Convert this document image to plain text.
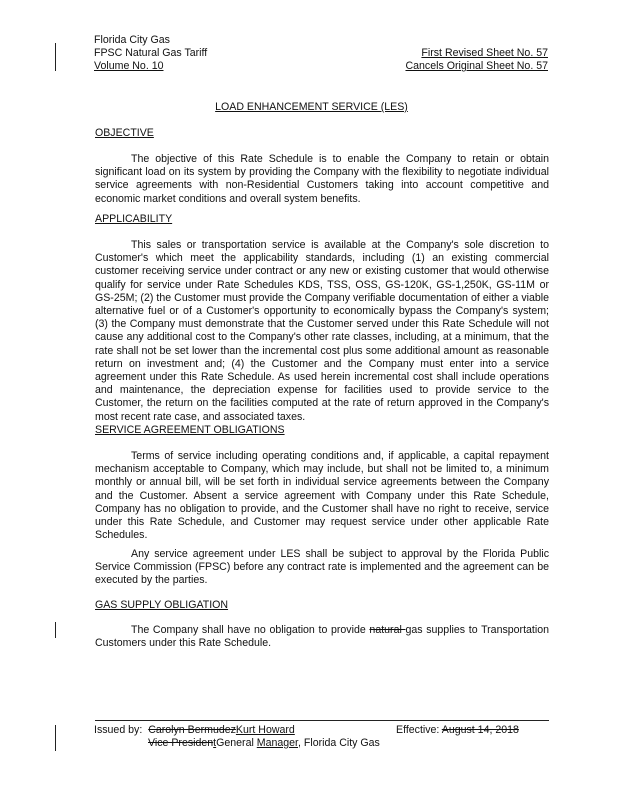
Florida City Gas
FPSC Natural Gas Tariff
Volume No. 10
First Revised Sheet No. 57
Cancels Original Sheet No. 57
LOAD ENHANCEMENT SERVICE (LES)
OBJECTIVE

The objective of this Rate Schedule is to enable the Company to retain or obtain significant load on its system by providing the Company with the flexibility to negotiate individual service agreements with non-Residential Customers taking into account competitive and economic market conditions and overall system benefits.

APPLICABILITY

This sales or transportation service is available at the Company's sole discretion to Customer's which meet the applicability standards, including (1) an existing commercial customer receiving service under contract or any new or existing customer that would otherwise qualify for service under Rate Schedules KDS, TSS, OSS, GS-120K, GS-1,250K, GS-11M or GS-25M; (2) the Customer must provide the Company verifiable documentation of either a viable alternative fuel or of a Customer's opportunity to economically bypass the Company's system; (3) the Company must demonstrate that the Customer served under this Rate Schedule will not cause any additional cost to the Company's other rate classes, including, at a minimum, that the rate shall not be set lower than the incremental cost plus some additional amount as reasonable return on investment and; (4) the Customer and the Company must enter into a service agreement under this Rate Schedule. As used herein incremental cost shall include operations and maintenance, the depreciation expense for facilities used to provide service to the Customer, the return on the facilities computed at the rate of return approved in the Company's most recent rate case, and associated taxes.

SERVICE AGREEMENT OBLIGATIONS

Terms of service including operating conditions and, if applicable, a capital repayment mechanism acceptable to Company, which may include, but shall not be limited to, a minimum monthly or annual bill, will be set forth in individual service agreements between the Company and the Customer. Absent a service agreement with Company under this Rate Schedule, Company has no obligation to provide, and the Customer shall have no right to receive, service under this Rate Schedule, and Customer may request service under other applicable Rate Schedules.

Any service agreement under LES shall be subject to approval by the Florida Public Service Commission (FPSC) before any contract rate is implemented and the agreement can be executed by the parties.

GAS SUPPLY OBLIGATION

The Company shall have no obligation to provide natural gas supplies to Transportation Customers under this Rate Schedule.

Issued by: Carolyn BermudezKurt Howard	Effective: August 14, 2018
Vice PresidentGeneral Manager, Florida City Gas
